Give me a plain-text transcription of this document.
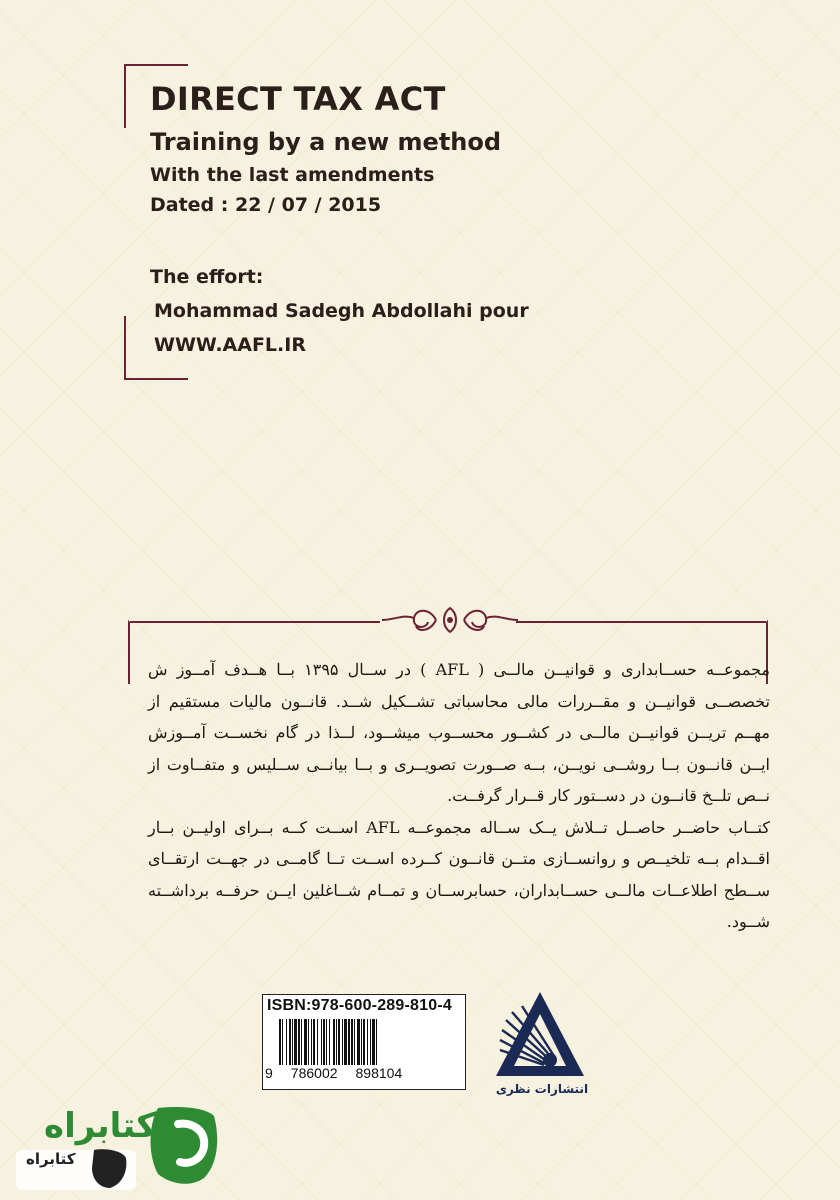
DIRECT TAX ACT
Training by a new method
With the last amendments
Dated : 22 / 07 / 2015
The effort:
Mohammad Sadegh Abdollahi pour
WWW.AAFL.IR

مجموعــه حســابداری و قوانیــن مالــی ( AFL ) در ســال ۱۳۹۵ بــا هــدف آمــوز ش تخصصــی قوانیــن و مقــررات مالی محاسباتی تشــکیل شــد. قانــون مالیات مستقیم از مهــم تریــن قوانیــن مالــی در کشــور محســوب میشــود، لــذا در گام نخســت آمــوزش ایــن قانــون بــا روشــی نویــن، بــه صــورت تصویــری و بــا بیانــی ســلیس و متفــاوت از نــص تلــخ قانــون در دســتور کار قــرار گرفــت.

کتــاب حاضــر حاصــل تــلاش یــک ســاله مجموعــه AFL اســت کــه بــرای اولیــن بــار اقــدام بــه تلخیــص و روانســازی متــن قانــون کــرده اســت تــا گامــی در جهــت ارتقــای ســطح اطلاعــات مالــی حســابداران، حسابرســان و تمــام شــاغلین ایــن حرفــه برداشــته شــود.

ISBN:978-600-289-810-4
9 786002 898104
انتشارات نظری
کتابراه
کتابراه
